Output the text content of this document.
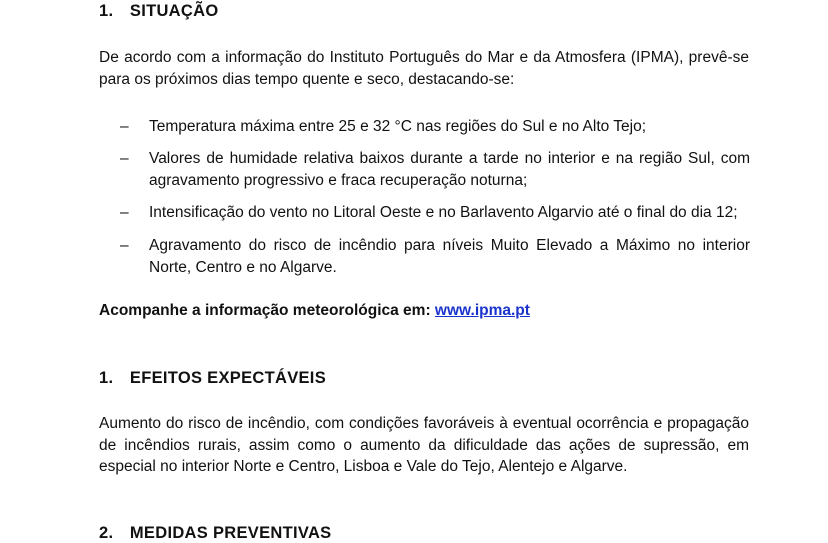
1. SITUAÇÃO
De acordo com a informação do Instituto Português do Mar e da Atmosfera (IPMA), prevê-se para os próximos dias tempo quente e seco, destacando-se:
– Temperatura máxima entre 25 e 32 °C nas regiões do Sul e no Alto Tejo;
– Valores de humidade relativa baixos durante a tarde no interior e na região Sul, com agravamento progressivo e fraca recuperação noturna;
– Intensificação do vento no Litoral Oeste e no Barlavento Algarvio até o final do dia 12;
– Agravamento do risco de incêndio para níveis Muito Elevado a Máximo no interior Norte, Centro e no Algarve.
Acompanhe a informação meteorológica em: www.ipma.pt
1. EFEITOS EXPECTÁVEIS
Aumento do risco de incêndio, com condições favoráveis à eventual ocorrência e propagação de incêndios rurais, assim como o aumento da dificuldade das ações de supressão, em especial no interior Norte e Centro, Lisboa e Vale do Tejo, Alentejo e Algarve.
2. MEDIDAS PREVENTIVAS
